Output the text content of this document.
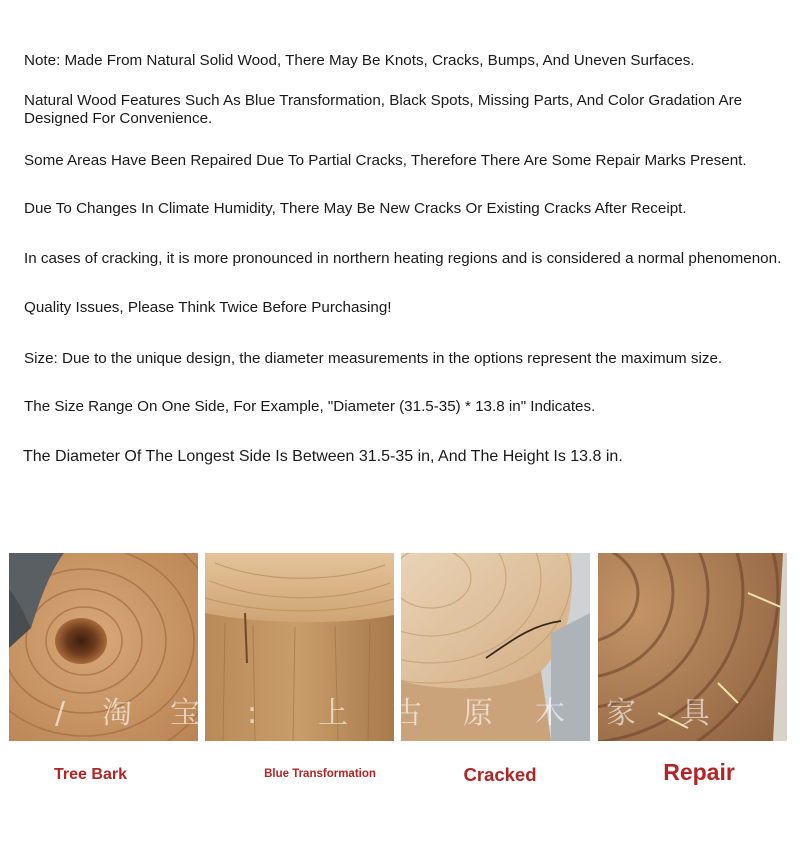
Note: Made From Natural Solid Wood, There May Be Knots, Cracks, Bumps, And Uneven Surfaces.

Natural Wood Features Such As Blue Transformation, Black Spots, Missing Parts, And Color Gradation Are Designed For Convenience.

Some Areas Have Been Repaired Due To Partial Cracks, Therefore There Are Some Repair Marks Present.

Due To Changes In Climate Humidity, There May Be New Cracks Or Existing Cracks After Receipt.

In cases of cracking, it is more pronounced in northern heating regions and is considered a normal phenomenon.

Quality Issues, Please Think Twice Before Purchasing!

Size: Due to the unique design, the diameter measurements in the options represent the maximum size.

The Size Range On One Side, For Example, "Diameter (31.5-35) * 13.8 in" Indicates.

The Diameter Of The Longest Side Is Between 31.5-35 in, And The Height Is 13.8 in.

/ 淘 宝 : 上 古 原 木 家 具
Tree Bark	Blue Transformation	Cracked	Repair
